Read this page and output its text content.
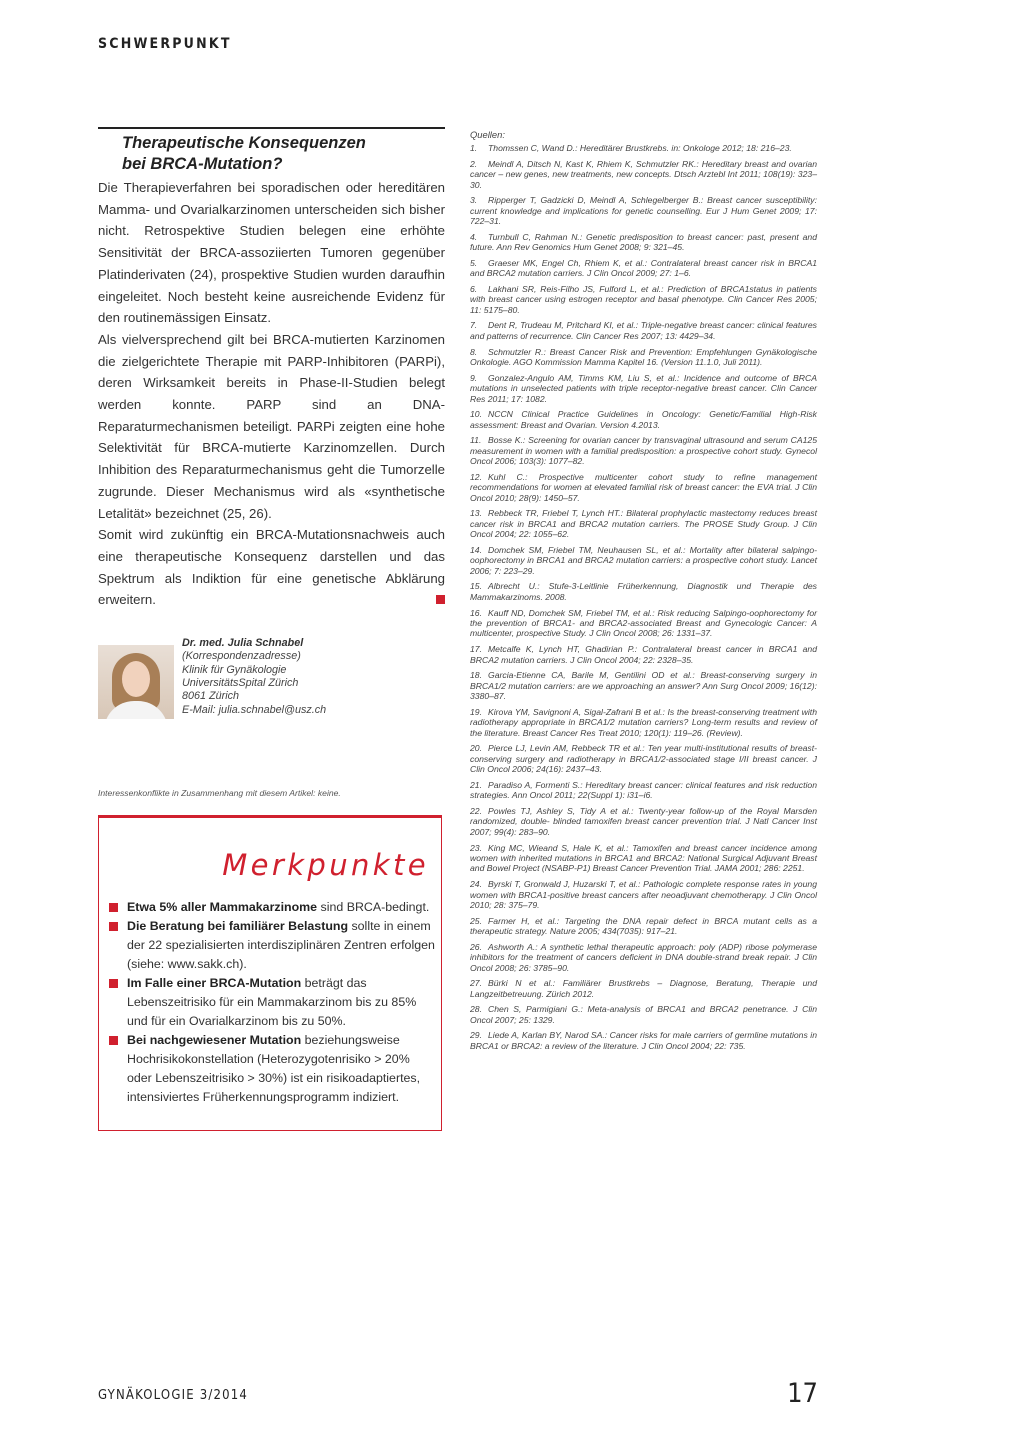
SCHWERPUNKT
Therapeutische Konsequenzen
bei BRCA-Mutation?

Die Therapieverfahren bei sporadischen oder hereditären Mamma- und Ovarialkarzinomen unterscheiden sich bisher nicht. Retrospektive Studien belegen eine erhöhte Sensitivität der BRCA-assoziierten Tumoren gegenüber Platinderivaten (24), prospektive Studien wurden daraufhin eingeleitet. Noch besteht keine ausreichende Evidenz für den routinemässigen Einsatz.

Als vielversprechend gilt bei BRCA-mutierten Karzinomen die zielgerichtete Therapie mit PARP-Inhibitoren (PARPi), deren Wirksamkeit bereits in Phase-II-Studien belegt werden konnte. PARP sind an DNA-Reparaturmechanismen beteiligt. PARPi zeigten eine hohe Selektivität für BRCA-mutierte Karzinomzellen. Durch Inhibition des Reparaturmechanismus geht die Tumorzelle zugrunde. Dieser Mechanismus wird als «synthetische Letalität» bezeichnet (25, 26).

Somit wird zukünftig ein BRCA-Mutationsnachweis auch eine therapeutische Konsequenz darstellen und das Spektrum als Indiktion für eine genetische Abklärung erweitern.

Dr. med. Julia Schnabel
(Korrespondenzadresse)
Klinik für Gynäkologie
UniversitätsSpital Zürich
8061 Zürich
E-Mail: julia.schnabel@usz.ch
Interessenkonflikte in Zusammenhang mit diesem Artikel: keine.
Merkpunkte
Etwa 5% aller Mammakarzinome sind BRCA-bedingt.
Die Beratung bei familiärer Belastung sollte in einem der 22 spezialisierten interdisziplinären Zentren erfolgen (siehe: www.sakk.ch).
Im Falle einer BRCA-Mutation beträgt das Lebenszeitrisiko für ein Mammakarzinom bis zu 85% und für ein Ovarialkarzinom bis zu 50%.
Bei nachgewiesener Mutation beziehungsweise Hochrisikokonstellation (Heterozygotenrisiko > 20% oder Lebenszeitrisiko > 30%) ist ein risikoadaptiertes, intensiviertes Früherkennungsprogramm indiziert.
Quellen:
1. Thomssen C, Wand D.: Hereditärer Brustkrebs. in: Onkologe 2012; 18: 216–23.
2. Meindl A, Ditsch N, Kast K, Rhiem K, Schmutzler RK.: Hereditary breast and ovarian cancer – new genes, new treatments, new concepts. Dtsch Arztebl Int 2011; 108(19): 323–30.
3. Ripperger T, Gadzicki D, Meindl A, Schlegelberger B.: Breast cancer susceptibility: current knowledge and implications for genetic counselling. Eur J Hum Genet 2009; 17: 722–31.
4. Turnbull C, Rahman N.: Genetic predisposition to breast cancer: past, present and future. Ann Rev Genomics Hum Genet 2008; 9: 321–45.
5. Graeser MK, Engel Ch, Rhiem K, et al.: Contralateral breast cancer risk in BRCA1 and BRCA2 mutation carriers. J Clin Oncol 2009; 27: 1–6.
6. Lakhani SR, Reis-Filho JS, Fulford L, et al.: Prediction of BRCA1status in patients with breast cancer using estrogen receptor and basal phenotype. Clin Cancer Res 2005; 11: 5175–80.
7. Dent R, Trudeau M, Pritchard KI, et al.: Triple-negative breast cancer: clinical features and patterns of recurrence. Clin Cancer Res 2007; 13: 4429–34.
8. Schmutzler R.: Breast Cancer Risk and Prevention: Empfehlungen Gynäkologische Onkologie. AGO Kommission Mamma Kapitel 16. (Version 11.1.0, Juli 2011).
9. Gonzalez-Angulo AM, Timms KM, Liu S, et al.: Incidence and outcome of BRCA mutations in unselected patients with triple receptor-negative breast cancer. Clin Cancer Res 2011; 17: 1082.
10. NCCN Clinical Practice Guidelines in Oncology: Genetic/Familial High-Risk assessment: Breast and Ovarian. Version 4.2013.
11. Bosse K.: Screening for ovarian cancer by transvaginal ultrasound and serum CA125 measurement in women with a familial predisposition: a prospective cohort study. Gynecol Oncol 2006; 103(3): 1077–82.
12. Kuhl C.: Prospective multicenter cohort study to refine management recommendations for women at elevated familial risk of breast cancer: the EVA trial. J Clin Oncol 2010; 28(9): 1450–57.
13. Rebbeck TR, Friebel T, Lynch HT.: Bilateral prophylactic mastectomy reduces breast cancer risk in BRCA1 and BRCA2 mutation carriers. The PROSE Study Group. J Clin Oncol 2004; 22: 1055–62.
14. Domchek SM, Friebel TM, Neuhausen SL, et al.: Mortality after bilateral salpingo-oophorectomy in BRCA1 and BRCA2 mutation carriers: a prospective cohort study. Lancet 2006; 7: 223–29.
15. Albrecht U.: Stufe-3-Leitlinie Früherkennung, Diagnostik und Therapie des Mammakarzinoms. 2008.
16. Kauff ND, Domchek SM, Friebel TM, et al.: Risk reducing Salpingo-oophorectomy for the prevention of BRCA1- and BRCA2-associated Breast and Gynecologic Cancer: A multicenter, prospective Study. J Clin Oncol 2008; 26: 1331–37.
17. Metcalfe K, Lynch HT, Ghadirian P.: Contralateral breast cancer in BRCA1 and BRCA2 mutation carriers. J Clin Oncol 2004; 22: 2328–35.
18. Garcia-Etienne CA, Barile M, Gentilini OD et al.: Breast-conserving surgery in BRCA1/2 mutation carriers: are we approaching an answer? Ann Surg Oncol 2009; 16(12): 3380–87.
19. Kirova YM, Savignoni A, Sigal-Zafrani B et al.: Is the breast-conserving treatment with radiotherapy appropriate in BRCA1/2 mutation carriers? Long-term results and review of the literature. Breast Cancer Res Treat 2010; 120(1): 119–26. (Review).
20. Pierce LJ, Levin AM, Rebbeck TR et al.: Ten year multi-institutional results of breast-conserving surgery and radiotherapy in BRCA1/2-associated stage I/II breast cancer. J Clin Oncol 2006; 24(16): 2437–43.
21. Paradiso A, Formenti S.: Hereditary breast cancer: clinical features and risk reduction strategies. Ann Oncol 2011; 22(Suppl 1): i31–i6.
22. Powles TJ, Ashley S, Tidy A et al.: Twenty-year follow-up of the Royal Marsden randomized, double- blinded tamoxifen breast cancer prevention trial. J Natl Cancer Inst 2007; 99(4): 283–90.
23. King MC, Wieand S, Hale K, et al.: Tamoxifen and breast cancer incidence among women with inherited mutations in BRCA1 and BRCA2: National Surgical Adjuvant Breast and Bowel Project (NSABP-P1) Breast Cancer Prevention Trial. JAMA 2001; 286: 2251.
24. Byrski T, Gronwald J, Huzarski T, et al.: Pathologic complete response rates in young women with BRCA1-positive breast cancers after neoadjuvant chemotherapy. J Clin Oncol 2010; 28: 375–79.
25. Farmer H, et al.: Targeting the DNA repair defect in BRCA mutant cells as a therapeutic strategy. Nature 2005; 434(7035): 917–21.
26. Ashworth A.: A synthetic lethal therapeutic approach: poly (ADP) ribose polymerase inhibitors for the treatment of cancers deficient in DNA double-strand break repair. J Clin Oncol 2008; 26: 3785–90.
27. Bürki N et al.: Familiärer Brustkrebs – Diagnose, Beratung, Therapie und Langzeitbetreuung. Zürich 2012.
28. Chen S, Parmigiani G.: Meta-analysis of BRCA1 and BRCA2 penetrance. J Clin Oncol 2007; 25: 1329.
29. Liede A, Karlan BY, Narod SA.: Cancer risks for male carriers of germline mutations in BRCA1 or BRCA2: a review of the literature. J Clin Oncol 2004; 22: 735.
GYNÄKOLOGIE 3/2014	17
